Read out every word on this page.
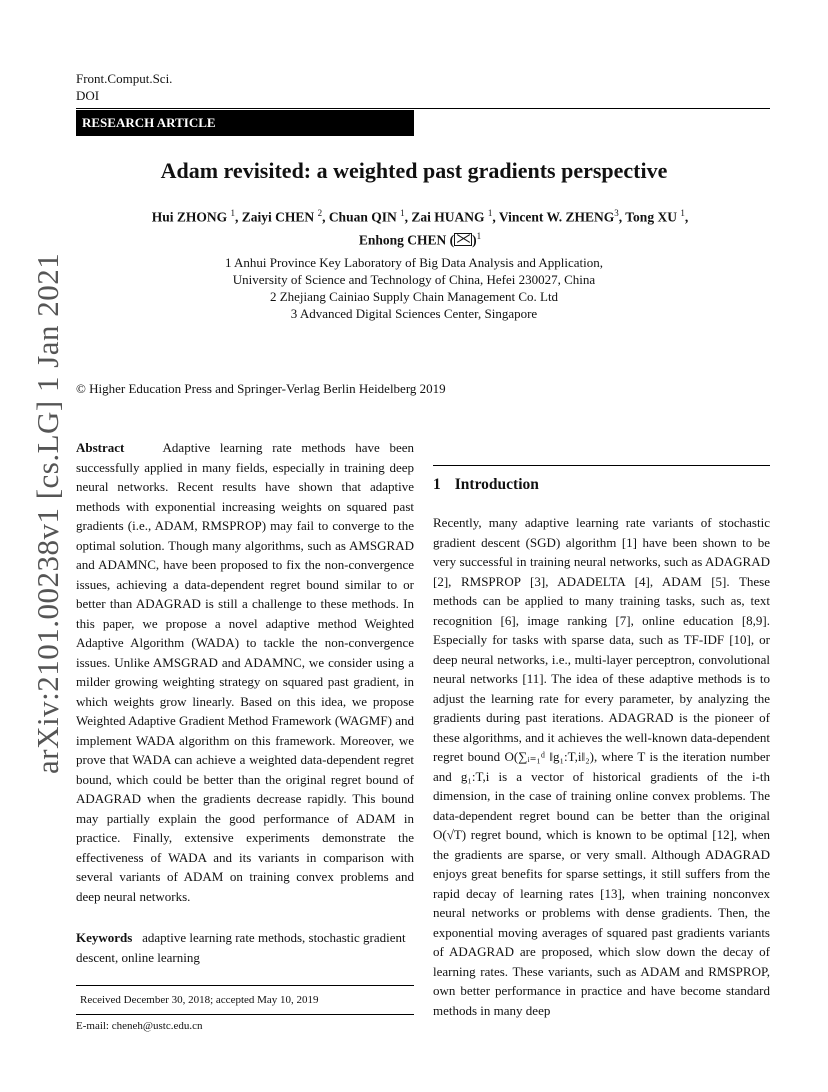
Front.Comput.Sci.
DOI
RESEARCH ARTICLE
Adam revisited: a weighted past gradients perspective
Hui ZHONG $^1$, Zaiyi CHEN $^2$, Chuan QIN $^1$, Zai HUANG $^1$, Vincent W. ZHENG$^3$, Tong XU $^1$,
Enhong CHEN ( )$^1$
1 Anhui Province Key Laboratory of Big Data Analysis and Application,
University of Science and Technology of China, Hefei 230027, China
2 Zhejiang Cainiao Supply Chain Management Co. Ltd
3 Advanced Digital Sciences Center, Singapore
arXiv:2101.00238v1 [cs.LG] 1 Jan 2021 © Higher Education Press and Springer-Verlag Berlin Heidelberg 2019
Abstract	Adaptive learning rate methods have been successfully applied in many fields, especially in training deep neural networks. Recent results have shown that adaptive methods with exponential increasing weights on squared past gradients (i.e., ADAM, RMSPROP) may fail to converge to the optimal solution. Though many algorithms, such as AMSGRAD and ADAMNC, have been proposed to fix the non-convergence issues, achieving a data-dependent regret bound similar to or better than ADAGRAD is still a challenge to these methods. In this paper, we propose a novel adaptive method Weighted Adaptive Algorithm (WADA) to tackle the non-convergence issues. Unlike AMSGRAD and ADAMNC, we consider using a milder growing weighting strategy on squared past gradient, in which weights grow linearly. Based on this idea, we propose Weighted Adaptive Gradient Method Framework (WAGMF) and implement WADA algorithm on this framework. Moreover, we prove that WADA can achieve a weighted data-dependent regret bound, which could be better than the original regret bound of ADAGRAD when the gradients decrease rapidly. This bound may partially explain the good performance of ADAM in practice. Finally, extensive experiments demonstrate the effectiveness of WADA and its variants in comparison with several variants of ADAM on training convex problems and deep neural networks.
Keywords adaptive learning rate methods, stochastic gradient descent, online learning
Received December 30, 2018; accepted May 10, 2019
E-mail: cheneh@ustc.edu.cn
1 Introduction
Recently, many adaptive learning rate variants of stochastic gradient descent (SGD) algorithm [1] have been shown to be very successful in training neural networks, such as ADAGRAD [2], RMSPROP [3], ADADELTA [4], ADAM [5]. These methods can be applied to many training tasks, such as, text recognition [6], image ranking [7], online education [8,9]. Especially for tasks with sparse data, such as TF-IDF [10], or deep neural networks, i.e., multi-layer perceptron, convolutional neural networks [11]. The idea of these adaptive methods is to adjust the learning rate for every parameter, by analyzing the gradients during past iterations. ADAGRAD is the pioneer of these algorithms, and it achieves the well-known data-dependent regret bound O(∑ᵢ₌₁ᵈ ‖g₁:T,i‖₂), where T is the iteration number and g₁:T,i is a vector of historical gradients of the i-th dimension, in the case of training online convex problems. The data-dependent regret bound can be better than the original O(√T) regret bound, which is known to be optimal [12], when the gradients are sparse, or very small. Although ADAGRAD enjoys great benefits for sparse settings, it still suffers from the rapid decay of learning rates [13], when training nonconvex neural networks or problems with dense gradients. Then, the exponential moving averages of squared past gradients variants of ADAGRAD are proposed, which slow down the decay of learning rates. These variants, such as ADAM and RMSPROP, own better performance in practice and have become standard methods in many deep
